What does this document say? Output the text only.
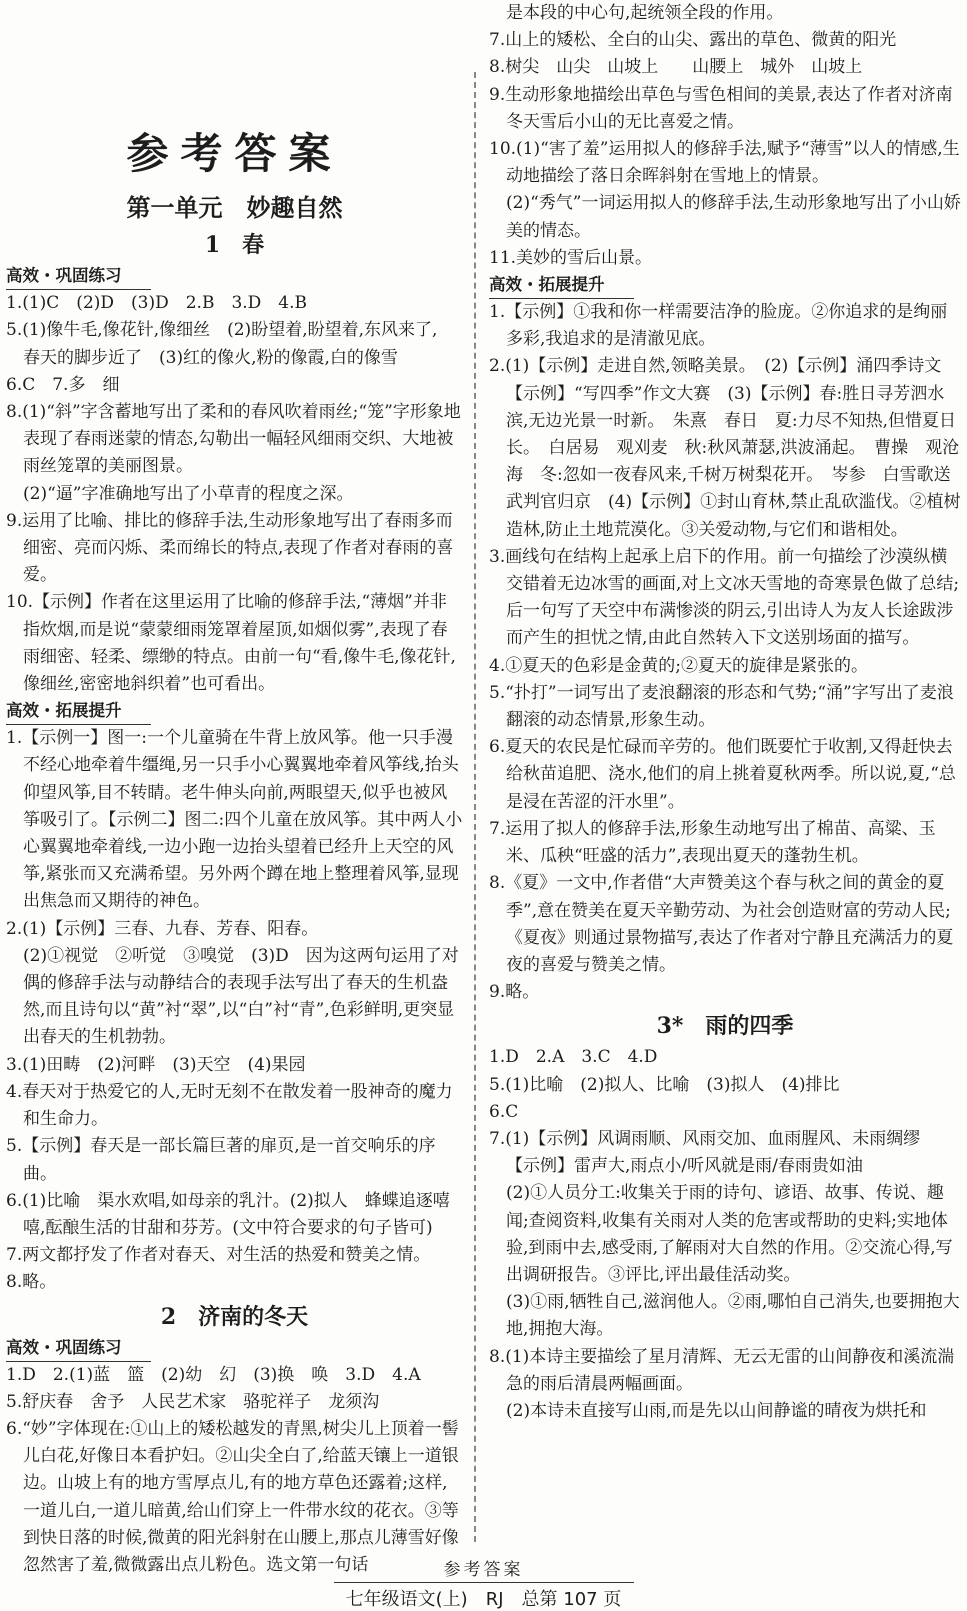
参考答案
第一单元　妙趣自然
1　春
高效・巩固练习
1.(1)C　(2)D　(3)D　2.B　3.D　4.B
5.(1)像牛毛,像花针,像细丝　(2)盼望着,盼望着,东风来了,
春天的脚步近了　(3)红的像火,粉的像霞,白的像雪
6.C　7.多　细
8.(1)“斜”字含蓄地写出了柔和的春风吹着雨丝;“笼”字形象地表现了春雨迷蒙的情态,勾勒出一幅轻风细雨交织、大地被雨丝笼罩的美丽图景。
(2)“逼”字准确地写出了小草青的程度之深。
9.运用了比喻、排比的修辞手法,生动形象地写出了春雨多而细密、亮而闪烁、柔而绵长的特点,表现了作者对春雨的喜爱。
10.【示例】作者在这里运用了比喻的修辞手法,“薄烟”并非指炊烟,而是说“蒙蒙细雨笼罩着屋顶,如烟似雾”,表现了春雨细密、轻柔、缥缈的特点。由前一句“看,像牛毛,像花针,像细丝,密密地斜织着”也可看出。
高效・拓展提升
1.【示例一】图一:一个儿童骑在牛背上放风筝。他一只手漫不经心地牵着牛缰绳,另一只手小心翼翼地牵着风筝线,抬头仰望风筝,目不转睛。老牛伸头向前,两眼望天,似乎也被风筝吸引了。【示例二】图二:四个儿童在放风筝。其中两人小心翼翼地牵着线,一边小跑一边抬头望着已经升上天空的风筝,紧张而又充满希望。另外两个蹲在地上整理着风筝,显现出焦急而又期待的神色。
2.(1)【示例】三春、九春、芳春、阳春。
(2)①视觉　②听觉　③嗅觉　(3)D　因为这两句运用了对偶的修辞手法与动静结合的表现手法写出了春天的生机盎然,而且诗句以“黄”衬“翠”,以“白”衬“青”,色彩鲜明,更突显出春天的生机勃勃。
3.(1)田畴　(2)河畔　(3)天空　(4)果园
4.春天对于热爱它的人,无时无刻不在散发着一股神奇的魔力和生命力。
5.【示例】春天是一部长篇巨著的扉页,是一首交响乐的序曲。
6.(1)比喻　渠水欢唱,如母亲的乳汁。(2)拟人　蜂蝶追逐嘻嘻,酝酿生活的甘甜和芬芳。(文中符合要求的句子皆可)
7.两文都抒发了作者对春天、对生活的热爱和赞美之情。
8.略。
2　济南的冬天
高效・巩固练习
1.D　2.(1)蓝　篮　(2)幼　幻　(3)换　唤　3.D　4.A
5.舒庆春　舍予　人民艺术家　骆驼祥子　龙须沟
6.“妙”字体现在:①山上的矮松越发的青黑,树尖儿上顶着一髻儿白花,好像日本看护妇。②山尖全白了,给蓝天镶上一道银边。山坡上有的地方雪厚点儿,有的地方草色还露着;这样,一道儿白,一道儿暗黄,给山们穿上一件带水纹的花衣。③等到快日落的时候,微黄的阳光斜射在山腰上,那点儿薄雪好像忽然害了羞,微微露出点儿粉色。选文第一句话
是本段的中心句,起统领全段的作用。
7.山上的矮松、全白的山尖、露出的草色、微黄的阳光
8.树尖　山尖　山坡上　　山腰上　城外　山坡上
9.生动形象地描绘出草色与雪色相间的美景,表达了作者对济南冬天雪后小山的无比喜爱之情。
10.(1)“害了羞”运用拟人的修辞手法,赋予“薄雪”以人的情感,生动地描绘了落日余晖斜射在雪地上的情景。
(2)“秀气”一词运用拟人的修辞手法,生动形象地写出了小山娇美的情态。
11.美妙的雪后山景。
高效・拓展提升
1.【示例】①我和你一样需要洁净的脸庞。②你追求的是绚丽多彩,我追求的是清澈见底。
2.(1)【示例】走进自然,领略美景。　(2)【示例】涌四季诗文【示例】“写四季”作文大赛　(3)【示例】春:胜日寻芳泗水滨,无边光景一时新。　朱熹　春日　夏:力尽不知热,但惜夏日长。　白居易　观刈麦　秋:秋风萧瑟,洪波涌起。　曹操　观沧海　冬:忽如一夜春风来,千树万树梨花开。　岑参　白雪歌送武判官归京　(4)【示例】①封山育林,禁止乱砍滥伐。②植树造林,防止土地荒漠化。③关爱动物,与它们和谐相处。
3.画线句在结构上起承上启下的作用。前一句描绘了沙漠纵横交错着无边冰雪的画面,对上文冰天雪地的奇寒景色做了总结;后一句写了天空中布满惨淡的阴云,引出诗人为友人长途跋涉而产生的担忧之情,由此自然转入下文送别场面的描写。
4.①夏天的色彩是金黄的;②夏天的旋律是紧张的。
5.“扑打”一词写出了麦浪翻滚的形态和气势;“涌”字写出了麦浪翻滚的动态情景,形象生动。
6.夏天的农民是忙碌而辛劳的。他们既要忙于收割,又得赶快去给秋苗追肥、浇水,他们的肩上挑着夏秋两季。所以说,夏,“总是浸在苦涩的汗水里”。
7.运用了拟人的修辞手法,形象生动地写出了棉苗、高粱、玉米、瓜秧“旺盛的活力”,表现出夏天的蓬勃生机。
8.《夏》一文中,作者借“大声赞美这个春与秋之间的黄金的夏季”,意在赞美在夏天辛勤劳动、为社会创造财富的劳动人民;《夏夜》则通过景物描写,表达了作者对宁静且充满活力的夏夜的喜爱与赞美之情。
9.略。
3*　雨的四季
1.D　2.A　3.C　4.D
5.(1)比喻　(2)拟人、比喻　(3)拟人　(4)排比
6.C
7.(1)【示例】风调雨顺、风雨交加、血雨腥风、未雨绸缪
【示例】雷声大,雨点小/听风就是雨/春雨贵如油
(2)①人员分工:收集关于雨的诗句、谚语、故事、传说、趣闻;查阅资料,收集有关雨对人类的危害或帮助的史料;实地体验,到雨中去,感受雨,了解雨对大自然的作用。②交流心得,写出调研报告。③评比,评出最佳活动奖。
(3)①雨,牺牲自己,滋润他人。②雨,哪怕自己消失,也要拥抱大地,拥抱大海。
8.(1)本诗主要描绘了星月清辉、无云无雷的山间静夜和溪流湍急的雨后清晨两幅画面。
(2)本诗未直接写山雨,而是先以山间静谧的晴夜为烘托和
参考答案
七年级语文(上)　RJ　总第 107 页
